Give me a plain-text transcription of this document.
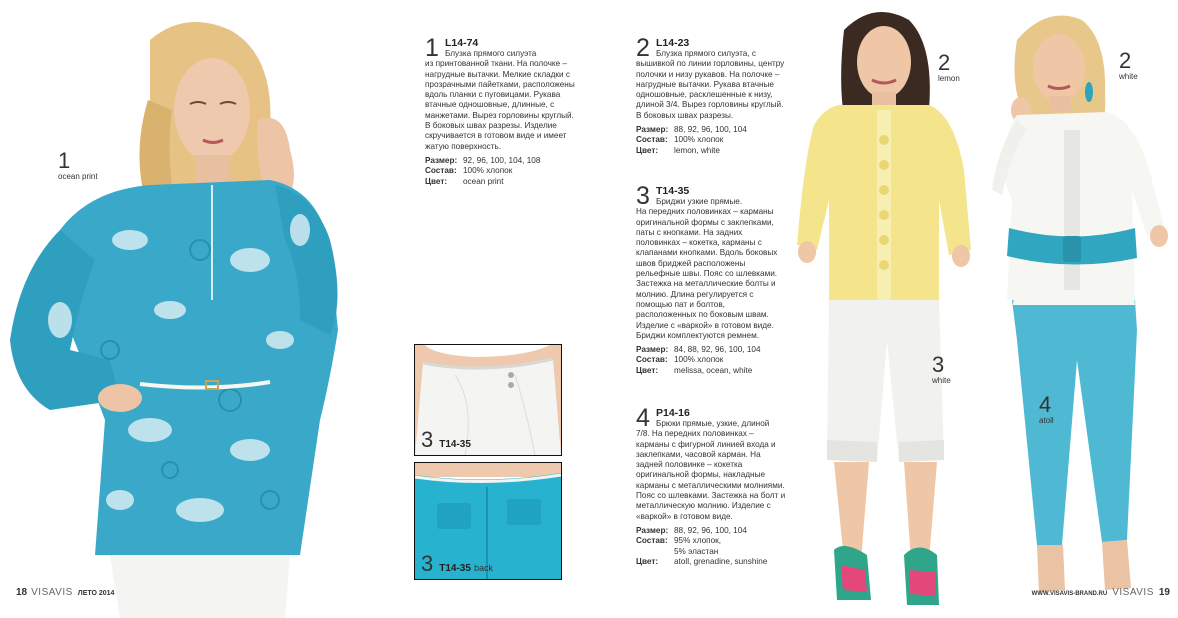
1
ocean print
1 L14-74
Блузка прямого силуэта
из принтованной ткани. На полочке – нагрудные вытачки. Мелкие складки с прозрачными пайетками, расположены вдоль планки с пуговицами. Рукава втачные одношовные, длинные, с манжетами. Вырез горловины круглый. В боковых швах разрезы. Изделие скручивается в готовом виде и имеет жатую поверхность.
Размер: 92, 96, 100, 104, 108
Состав: 100% хлопок
Цвет:	ocean print
3 T14-35
3 T14-35 back
18 VISAVIS ЛЕТО 2014
2 L14-23
Блузка прямого силуэта, с
вышивкой по линии горловины, центру полочки и низу рукавов. На полочке – нагрудные вытачки. Рукава втачные одношовные, расклешенные к низу, длиной 3/4. Вырез горловины круглый. В боковых швах разрезы.
Размер: 88, 92, 96, 100, 104
Состав: 100% хлопок
Цвет:	lemon, white
3 T14-35
Бриджи узкие прямые.
На передних половинках – карманы оригинальной формы с заклепками, паты с кнопками. На задних половинках – кокетка, карманы с клапанами кнопками. Вдоль боковых швов бриджей расположены рельефные швы. Пояс со шлевками. Застежка на металлические болты и молнию. Длина регулируется с помощью пат и болтов, расположенных по боковым швам. Изделие с «варкой» в готовом виде. Бриджи комплектуются ремнем.
Размер: 84, 88, 92, 96, 100, 104
Состав: 100% хлопок
Цвет:	melissa, ocean, white
4 P14-16
Брюки прямые, узкие, длиной
7/8. На передних половинках – карманы с фигурной линией входа и заклепками, часовой карман. На задней половинке – кокетка оригинальной формы, накладные карманы с металлическими молниями. Пояс со шлевками. Застежка на болт и металлическую молнию. Изделие с «варкой» в готовом виде.
Размер: 88, 92, 96, 100, 104
Состав: 95% хлопок,
5% эластан
Цвет:	atoll, grenadine, sunshine
2
lemon
3
white
2
white
4
atoll
WWW.VISAVIS-BRAND.RU VISAVIS 19
